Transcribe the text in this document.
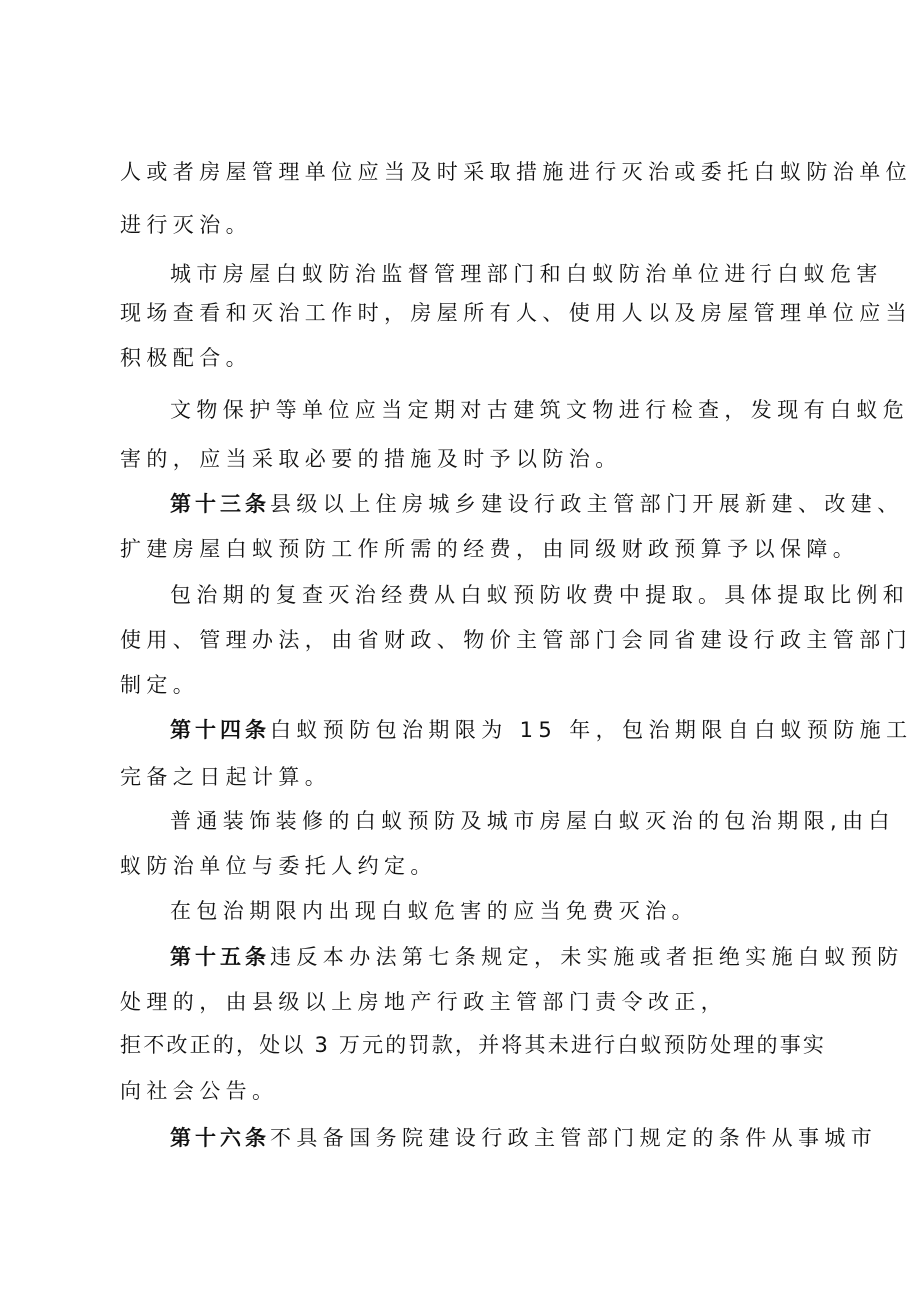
人或者房屋管理单位应当及时采取措施进行灭治或委托白蚁防治单位
进行灭治。
城市房屋白蚁防治监督管理部门和白蚁防治单位进行白蚁危害
现场查看和灭治工作时，房屋所有人、使用人以及房屋管理单位应当
积极配合。
文物保护等单位应当定期对古建筑文物进行检查，发现有白蚁危
害的，应当采取必要的措施及时予以防治。
第十三条县级以上住房城乡建设行政主管部门开展新建、改建、
扩建房屋白蚁预防工作所需的经费，由同级财政预算予以保障。
包治期的复查灭治经费从白蚁预防收费中提取。具体提取比例和
使用、管理办法，由省财政、物价主管部门会同省建设行政主管部门
制定。
第十四条白蚁预防包治期限为 15 年，包治期限自白蚁预防施工
完备之日起计算。
普通装饰装修的白蚁预防及城市房屋白蚁灭治的包治期限,由白
蚁防治单位与委托人约定。
在包治期限内出现白蚁危害的应当免费灭治。
第十五条违反本办法第七条规定，未实施或者拒绝实施白蚁预防
处理的，由县级以上房地产行政主管部门责令改正，
拒不改正的，处以 3 万元的罚款，并将其未进行白蚁预防处理的事实
向社会公告。
第十六条不具备国务院建设行政主管部门规定的条件从事城市
